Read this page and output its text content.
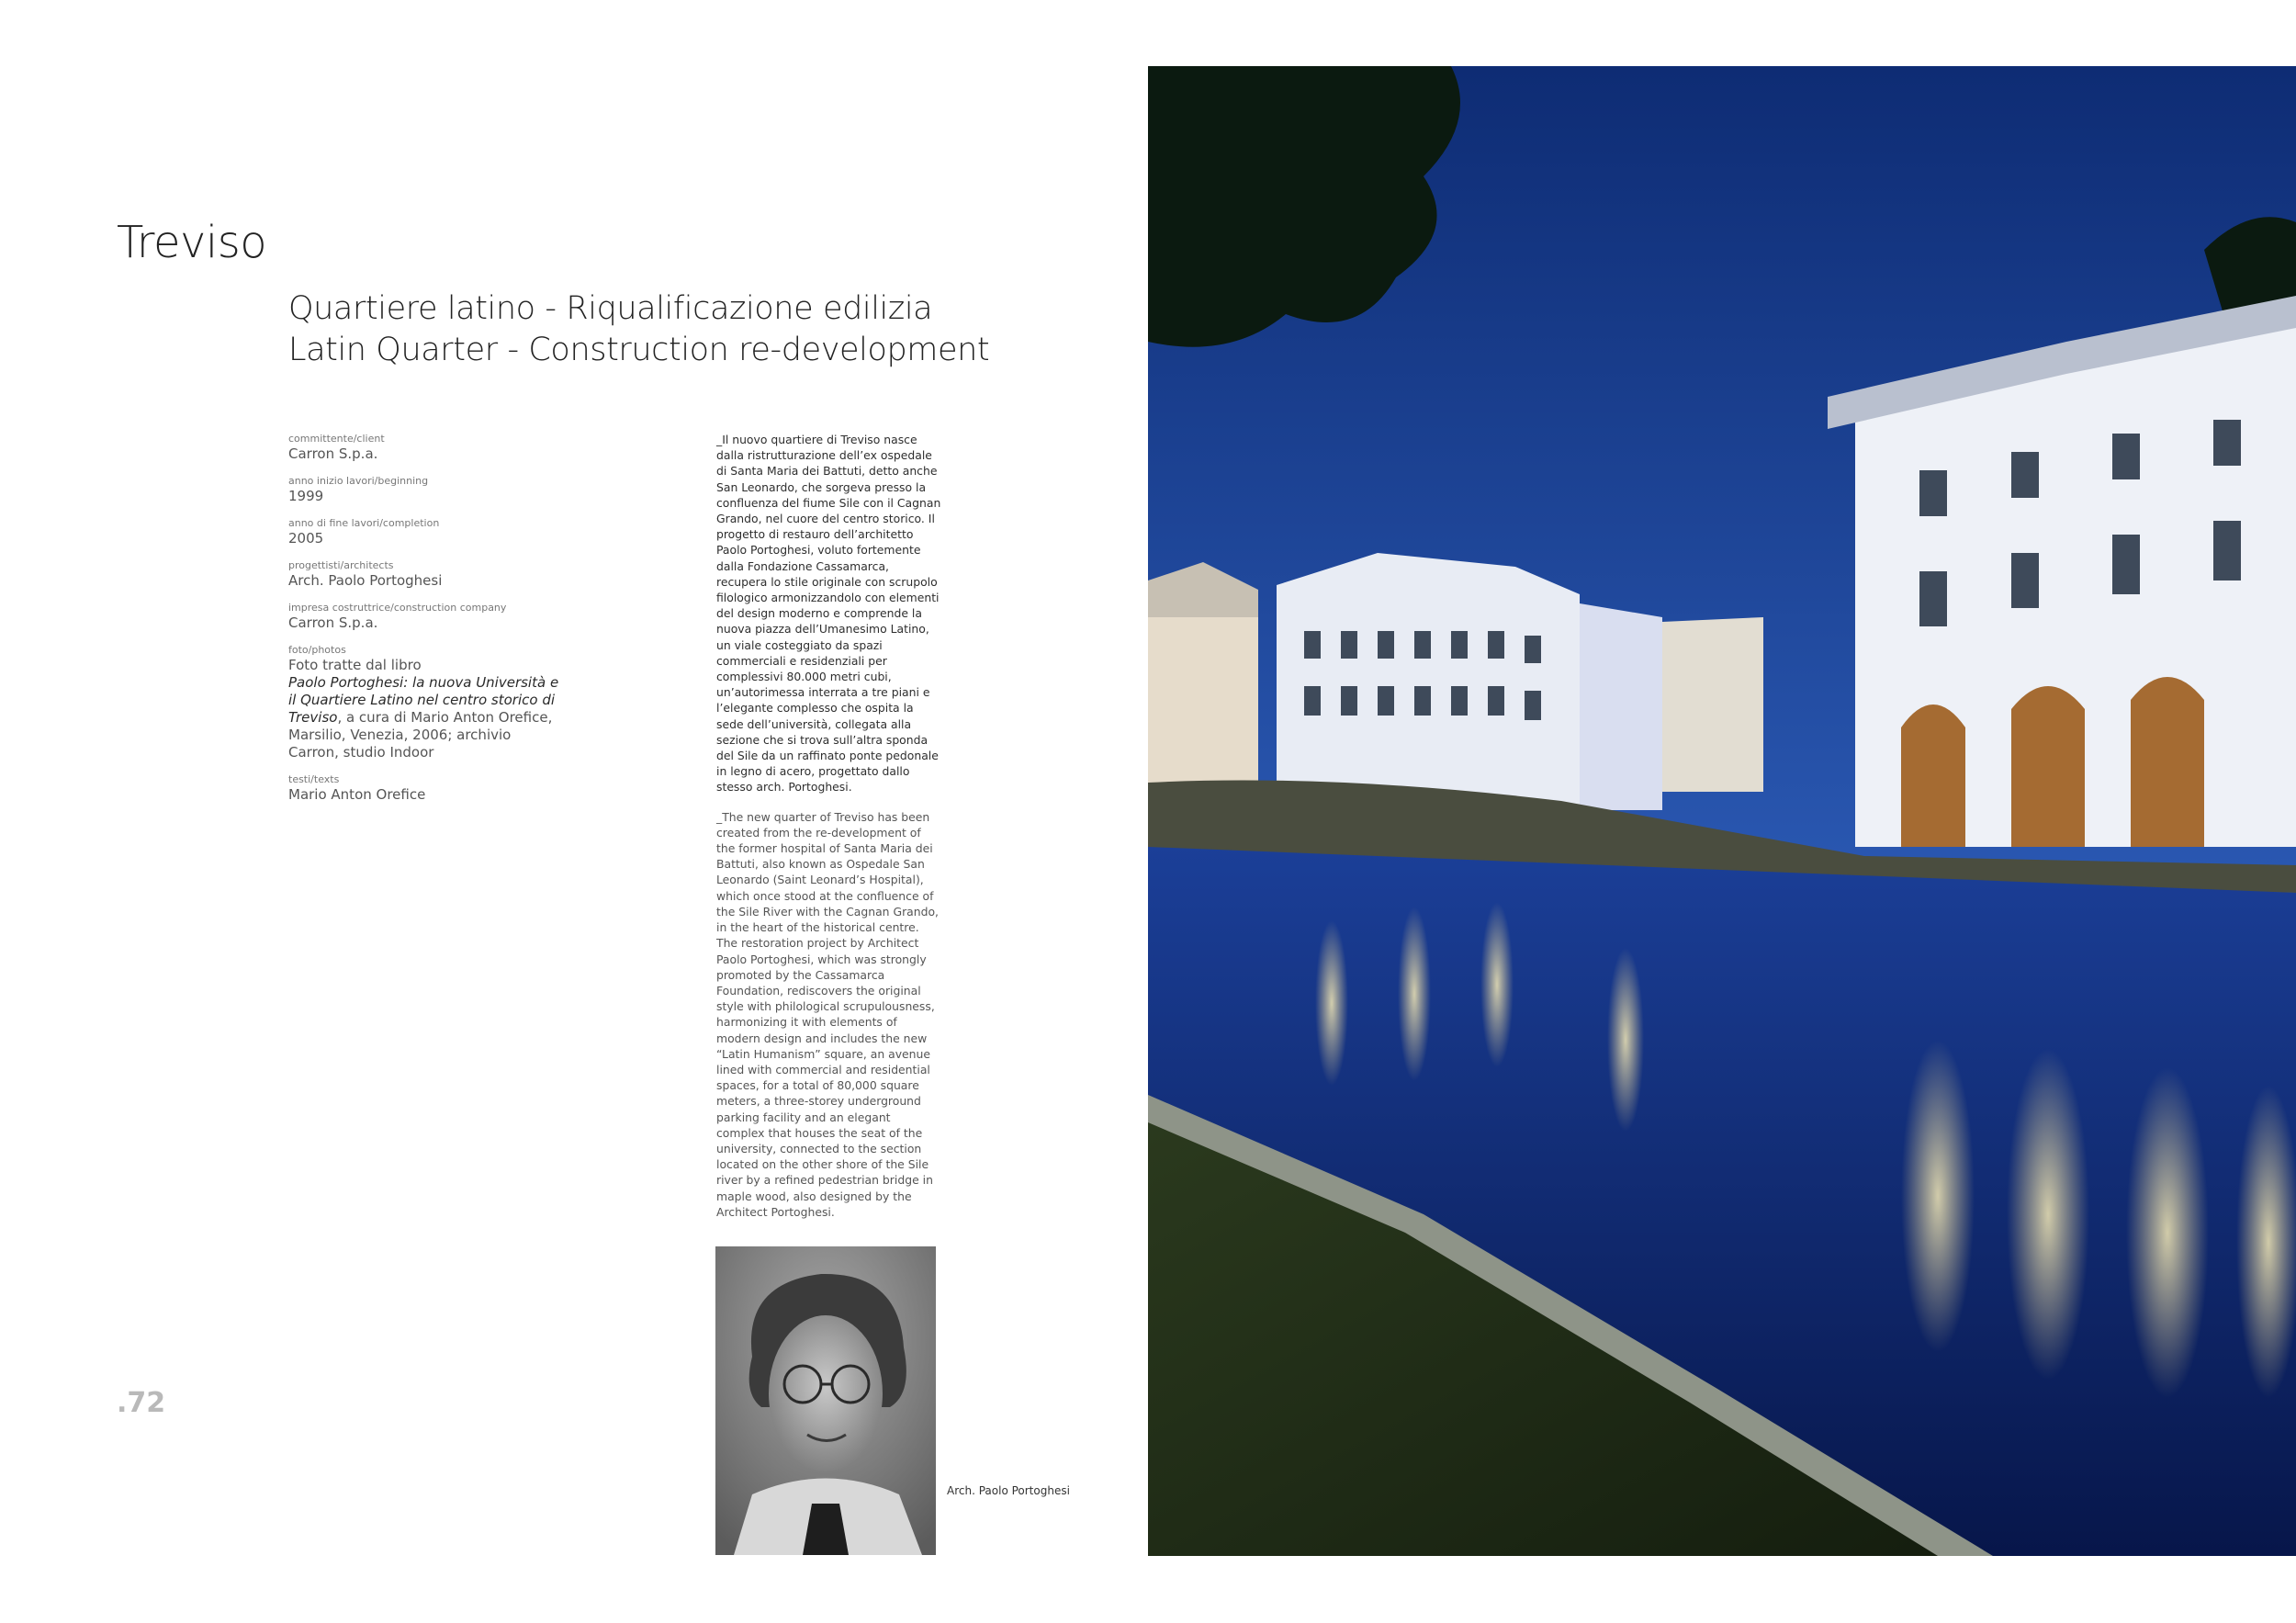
Treviso
Quartiere latino - Riqualificazione edilizia
Latin Quarter - Construction re-development
committente/client
Carron S.p.a.
anno inizio lavori/beginning
1999
anno di fine lavori/completion
2005
progettisti/architects
Arch. Paolo Portoghesi
impresa costruttrice/construction company
Carron S.p.a.
foto/photos
Foto tratte dal libro
Paolo Portoghesi: la nuova Università e il Quartiere Latino nel centro storico di Treviso, a cura di Mario Anton Orefice, Marsilio, Venezia, 2006; archivio Carron, studio Indoor
testi/texts
Mario Anton Orefice

_Il nuovo quartiere di Treviso nasce dalla ristrutturazione dell’ex ospedale di Santa Maria dei Battuti, detto anche San Leonardo, che sorgeva presso la confluenza del fiume Sile con il Cagnan Grando, nel cuore del centro storico. Il progetto di restauro dell’architetto Paolo Portoghesi, voluto fortemente dalla Fondazione Cassamarca, recupera lo stile originale con scrupolo filologico armonizzandolo con elementi del design moderno e comprende la nuova piazza dell’Umanesimo Latino, un viale costeggiato da spazi commerciali e residenziali per complessivi 80.000 metri cubi, un’autorimessa interrata a tre piani e l’elegante complesso che ospita la sede dell’università, collegata alla sezione che si trova sull’altra sponda del Sile da un raffinato ponte pedonale in legno di acero, progettato dallo stesso arch. Portoghesi.

_The new quarter of Treviso has been created from the re-development of the former hospital of Santa Maria dei Battuti, also known as Ospedale San Leonardo (Saint Leonard’s Hospital), which once stood at the confluence of the Sile River with the Cagnan Grando, in the heart of the historical centre. The restoration project by Architect Paolo Portoghesi, which was strongly promoted by the Cassamarca Foundation, rediscovers the original style with philological scrupulousness, harmonizing it with elements of modern design and includes the new “Latin Humanism” square, an avenue lined with commercial and residential spaces, for a total of 80,000 square meters, a three-storey underground parking facility and an elegant complex that houses the seat of the university, connected to the section located on the other shore of the Sile river by a refined pedestrian bridge in maple wood, also designed by the Architect Portoghesi.

Arch. Paolo Portoghesi
.72
